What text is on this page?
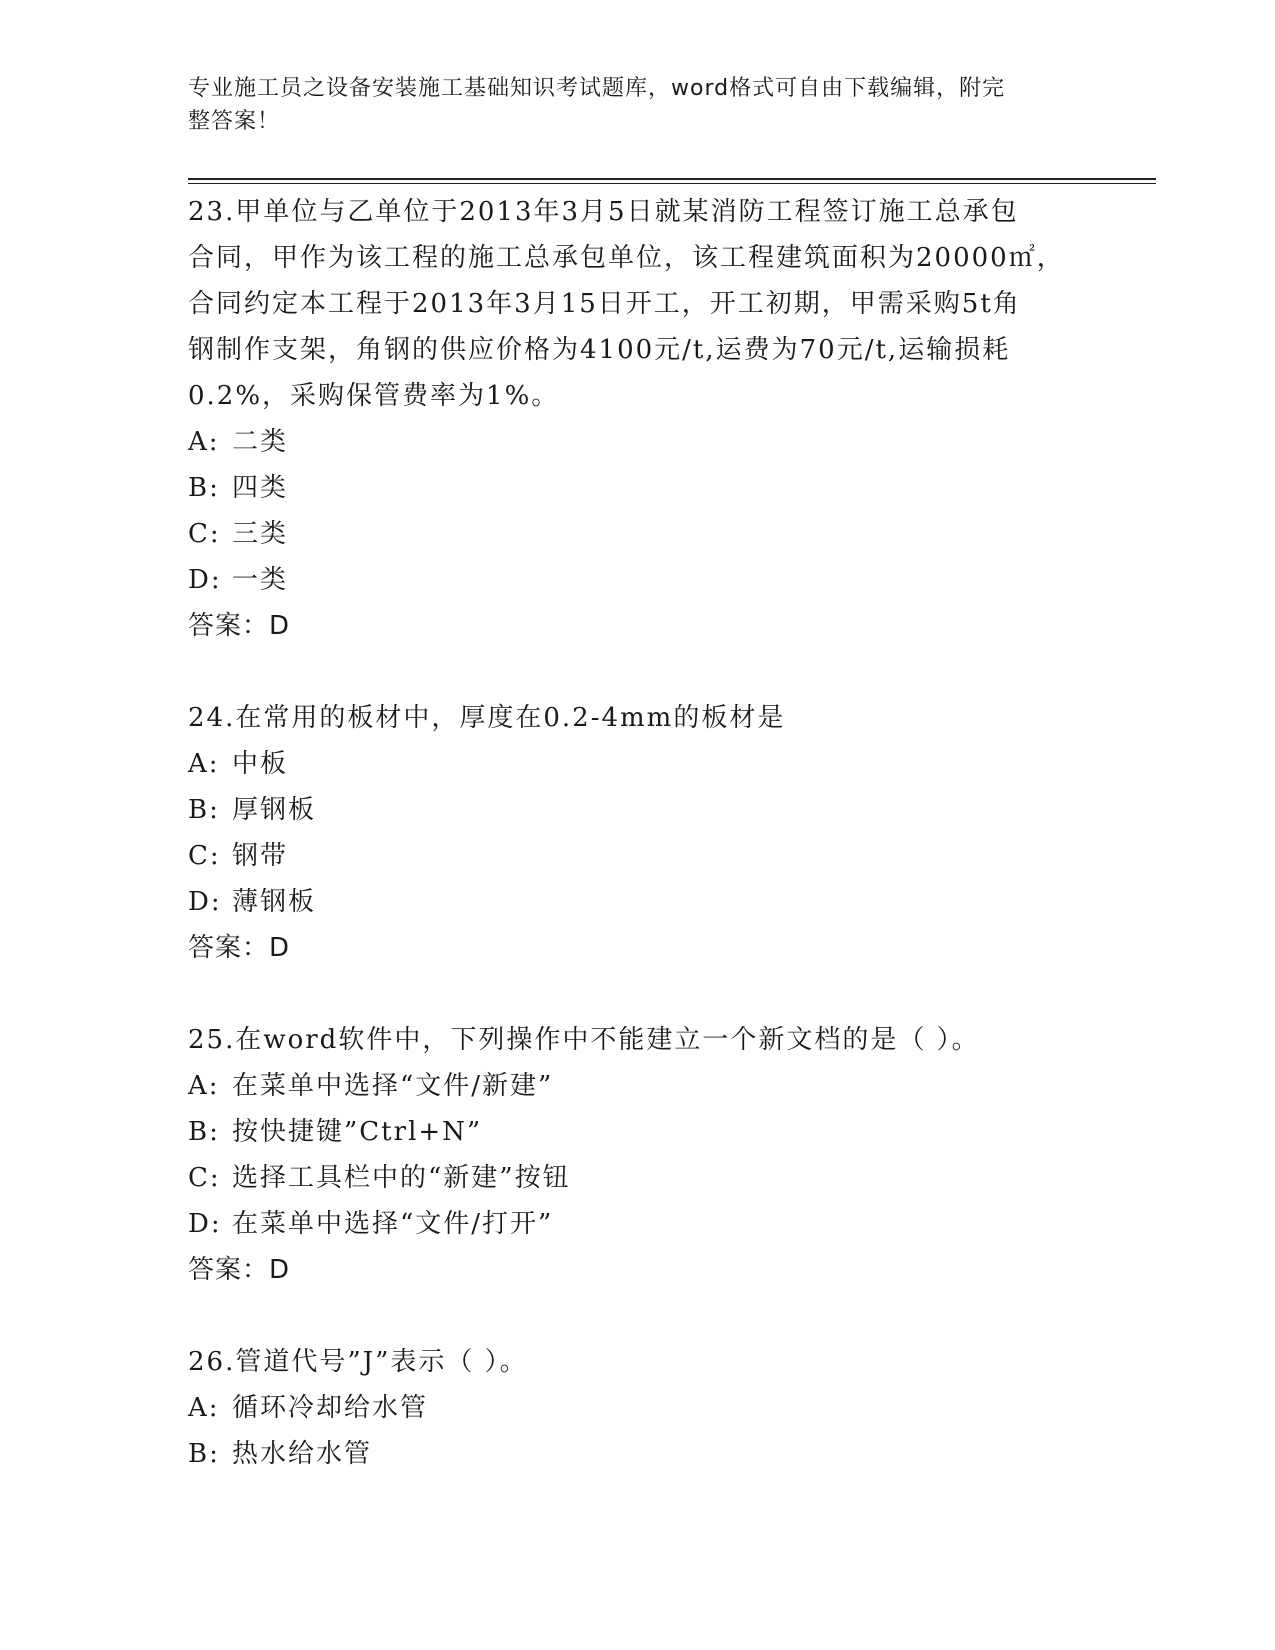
专业施工员之设备安装施工基础知识考试题库，word格式可自由下载编辑，附完
整答案！
23.甲单位与乙单位于2013年3月5日就某消防工程签订施工总承包
合同，甲作为该工程的施工总承包单位，该工程建筑面积为20000㎡，
合同约定本工程于2013年3月15日开工，开工初期，甲需采购5t角
钢制作支架，角钢的供应价格为4100元/t,运费为70元/t,运输损耗
0.2%，采购保管费率为1%。
A: 二类
B: 四类
C: 三类
D: 一类
答案：D
24.在常用的板材中，厚度在0.2-4mm的板材是
A: 中板
B: 厚钢板
C: 钢带
D: 薄钢板
答案：D
25.在word软件中，下列操作中不能建立一个新文档的是（ ）。
A: 在菜单中选择“文件/新建”
B: 按快捷键”Ctrl+N”
C: 选择工具栏中的“新建”按钮
D: 在菜单中选择“文件/打开”
答案：D
26.管道代号”J”表示（ ）。
A: 循环冷却给水管
B: 热水给水管
